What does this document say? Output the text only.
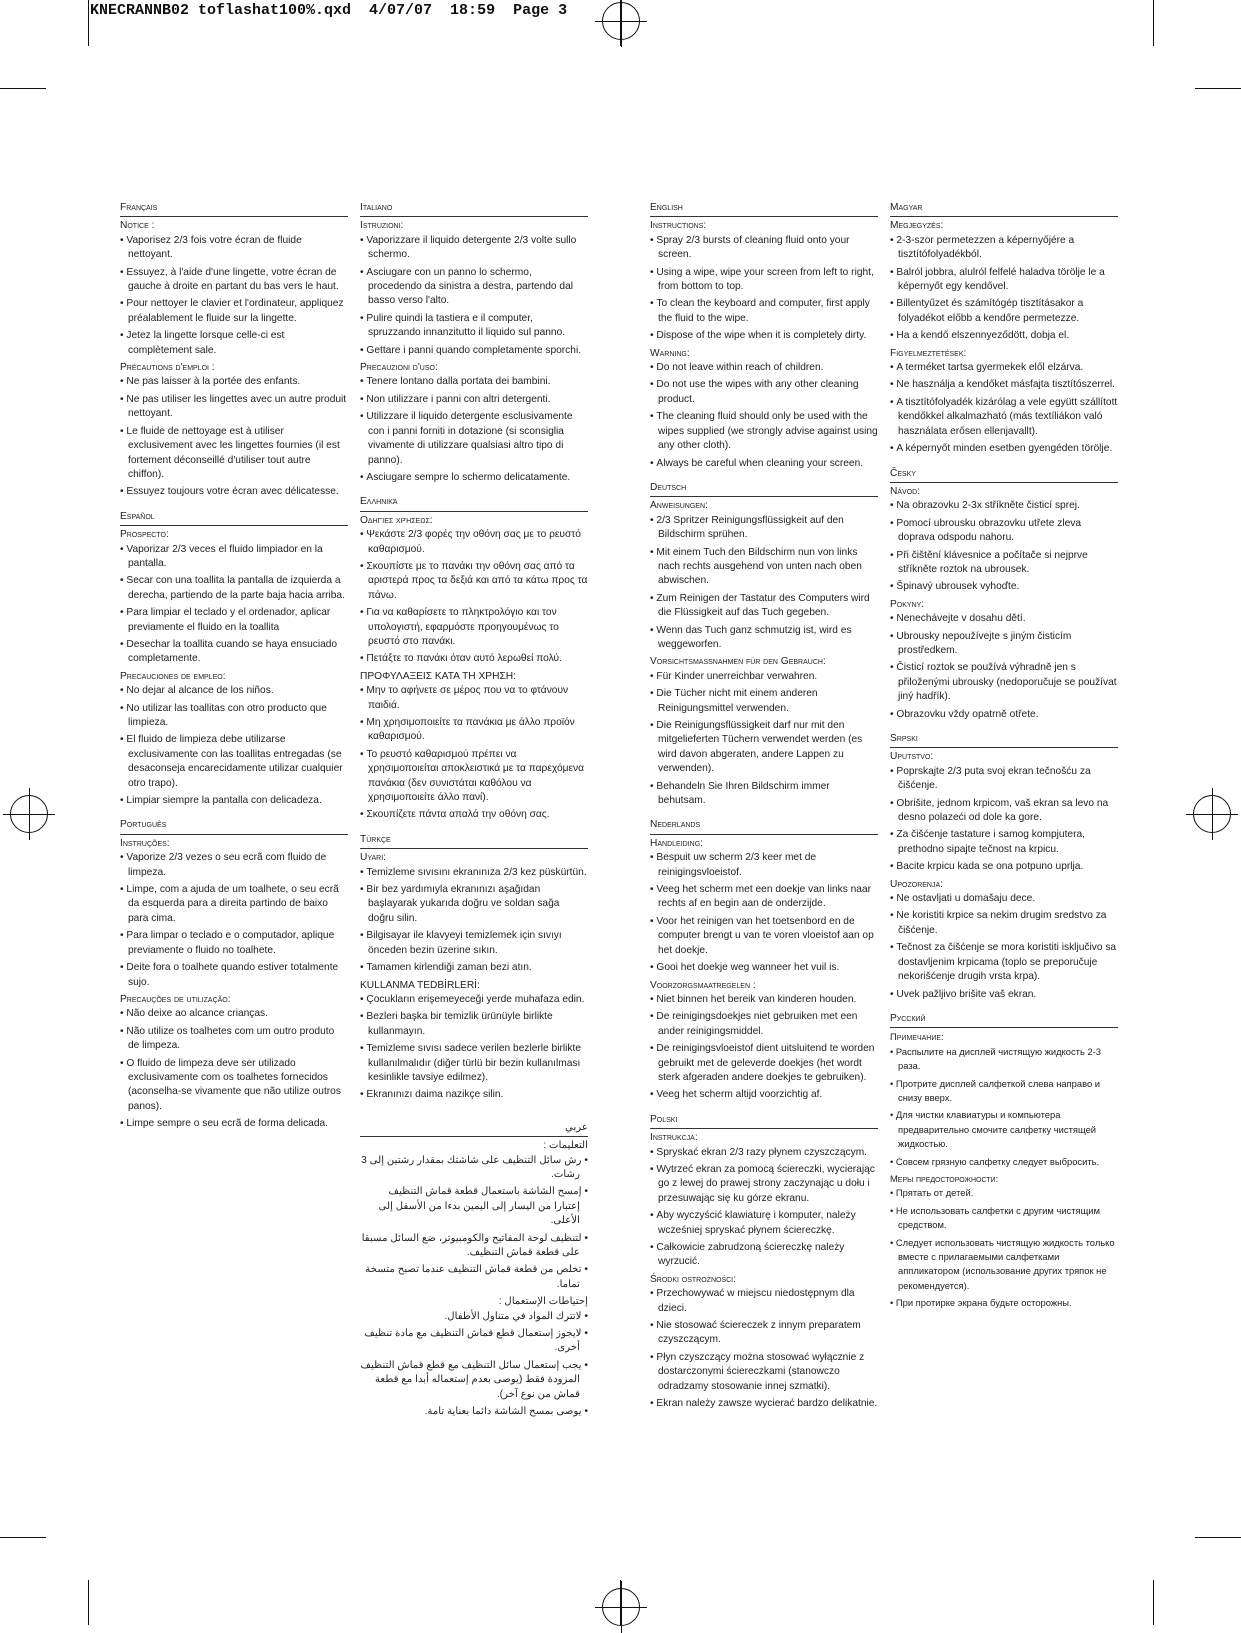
KNECRANNB02 toflashat100%.qxd  4/07/07  18:59  Page 3
Français
Notice :
• Vaporisez 2/3 fois votre écran de fluide nettoyant.
• Essuyez, à l'aide d'une lingette, votre écran de gauche à droite en partant du bas vers le haut.
• Pour nettoyer le clavier et l'ordinateur, appliquez préalablement le fluide sur la lingette.
• Jetez la lingette lorsque celle-ci est complètement sale.
Précautions d'emploi :
• Ne pas laisser à la portée des enfants.
• Ne pas utiliser les lingettes avec un autre produit nettoyant.
• Le fluide de nettoyage est à utiliser exclusivement avec les lingettes fournies (il est fortement déconseillé d'utiliser tout autre chiffon).
• Essuyez toujours votre écran avec délicatesse.
Español
Prospecto:
• Vaporizar 2/3 veces el fluido limpiador en la pantalla.
• Secar con una toallita la pantalla de izquierda a derecha, partiendo de la parte baja hacia arriba.
• Para limpiar el teclado y el ordenador, aplicar previamente el fluido en la toallita
• Desechar la toallita cuando se haya ensuciado completamente.
Precauciones de empleo:
• No dejar al alcance de los niños.
• No utilizar las toallitas con otro producto que limpieza.
• El fluido de limpieza debe utilizarse exclusivamente con las toallitas entregadas (se desaconseja encarecidamente utilizar cualquier otro trapo).
• Limpiar siempre la pantalla con delicadeza.
Português
Instruções:
• Vaporize 2/3 vezes o seu ecrã com fluido de limpeza.
• Limpe, com a ajuda de um toalhete, o seu ecrã da esquerda para a direita partindo de baixo para cima.
• Para limpar o teclado e o computador, aplique previamente o fluido no toalhete.
• Deite fora o toalhete quando estiver totalmente sujo.
Precauções de utilização:
• Não deixe ao alcance crianças.
• Não utilize os toalhetes com um outro produto de limpeza.
• O fluido de limpeza deve ser utilizado exclusivamente com os toalhetes fornecidos (aconselha-se vivamente que não utilize outros panos).
• Limpe sempre o seu ecrã de forma delicada.
Italiano
Istruzioni:
• Vaporizzare il liquido detergente 2/3 volte sullo schermo.
• Asciugare con un panno lo schermo, procedendo da sinistra a destra, partendo dal basso verso l'alto.
• Pulire quindi la tastiera e il computer, spruzzando innanzitutto il liquido sul panno.
• Gettare i panni quando completamente sporchi.
Precauzioni d'uso:
• Tenere lontano dalla portata dei bambini.
• Non utilizzare i panni con altri detergenti.
• Utilizzare il liquido detergente esclusivamente con i panni forniti in dotazione (si sconsiglia vivamente di utilizzare qualsiasi altro tipo di panno).
• Asciugare sempre lo schermo delicatamente.
Ελληνικά
Οδηγίες χρήσεως:
• Ψεκάστε 2/3 φορές την οθόνη σας με το ρευστό καθαρισμού.
• Σκουπίστε με το πανάκι την οθόνη σας από τα αριστερά προς τα δεξιά και από τα κάτω προς τα πάνω.
• Για να καθαρίσετε το πληκτρολόγιο και τον υπολογιστή, εφαρμόστε προηγουμένως το ρευστό στο πανάκι.
• Πετάξτε το πανάκι όταν αυτό λερωθεί πολύ.
ΠΡΟΦΥΛΑΞΕΙΣ ΚΑΤΑ ΤΗ ΧΡΗΣΗ:
• Μην το αφήνετε σε μέρος που να το φτάνουν παιδιά.
• Μη χρησιμοποιείτε τα πανάκια με άλλο προϊόν καθαρισμού.
• Το ρευστό καθαρισμού πρέπει να χρησιμοποιείται αποκλειστικά με τα παρεχόμενα πανάκια (δεν συνιστάται καθόλου να χρησιμοποιείτε άλλο πανί).
• Σκουπίζετε πάντα απαλά την οθόνη σας.
Türkçe
Uyari:
• Temizleme sıvısını ekranınıza 2/3 kez püskürtün.
• Bir bez yardımıyla ekranınızı aşağıdan başlayarak yukarıda doğru ve soldan sağa doğru silin.
• Bilgisayar ile klavyeyi temizlemek için sıvıyı önceden bezin üzerine sıkın.
• Tamamen kirlendiği zaman bezi atın.
KULLANMA TEDBİRLERİ:
• Çocukların erişemeyeceği yerde muhafaza edin.
• Bezleri başka bir temizlik ürünüyle birlikte kullanmayın.
• Temizleme sıvısı sadece verilen bezlerle birlikte kullanılmalıdır (diğer türlü bir bezin kullanılması kesinlikle tavsiye edilmez).
• Ekranınızı daima nazikçe silin.
عربي
التعليمات :
• رش سائل التنظيف على شاشتك بمقدار رشتين إلى 3 رشات.
• إمسح الشاشة باستعمال قطعة قماش التنظيف إعتبارا من اليسار إلى اليمين بدءا من الأسفل إلى الأعلى.
• لتنظيف لوحة المفاتيح والكومبيوتر، ضع السائل مسبقا على قطعة قماش التنظيف.
• تخلص من قطعة قماش التنظيف عندما تصبح متسخة تماما.
إحتياطات الإستعمال :
• لاتترك المواد في متناول الأطفال.
• لايجوز إستعمال قطع قماش التنظيف مع مادة تنظيف أخرى.
• يجب إستعمال سائل التنظيف مع قطع قماش التنظيف المزودة فقط (يوصى بعدم إستعماله أبدا مع قطعة قماش من نوع آخر).
• يوصى بمسح الشاشة دائما بعناية تامة.
English
Instructions:
• Spray 2/3 bursts of cleaning fluid onto your screen.
• Using a wipe, wipe your screen from left to right, from bottom to top.
• To clean the keyboard and computer, first apply the fluid to the wipe.
• Dispose of the wipe when it is completely dirty.
Warning:
• Do not leave within reach of children.
• Do not use the wipes with any other cleaning product.
• The cleaning fluid should only be used with the wipes supplied (we strongly advise against using any other cloth).
• Always be careful when cleaning your screen.
Deutsch
Anweisungen:
• 2/3 Spritzer Reinigungsflüssigkeit auf den Bildschirm sprühen.
• Mit einem Tuch den Bildschirm nun von links nach rechts ausgehend von unten nach oben abwischen.
• Zum Reinigen der Tastatur des Computers wird die Flüssigkeit auf das Tuch gegeben.
• Wenn das Tuch ganz schmutzig ist, wird es weggeworfen.
Vorsichtsmassnahmen für den Gebrauch:
• Für Kinder unerreichbar verwahren.
• Die Tücher nicht mit einem anderen Reinigungsmittel verwenden.
• Die Reinigungsflüssigkeit darf nur mit den mitgelieferten Tüchern verwendet werden (es wird davon abgeraten, andere Lappen zu verwenden).
• Behandeln Sie Ihren Bildschirm immer behutsam.
Nederlands
Handleiding:
• Bespuit uw scherm 2/3 keer met de reinigingsvloeistof.
• Veeg het scherm met een doekje van links naar rechts af en begin aan de onderzijde.
• Voor het reinigen van het toetsenbord en de computer brengt u van te voren vloeistof aan op het doekje.
• Gooi het doekje weg wanneer het vuil is.
Voorzorgsmaatregelen :
• Niet binnen het bereik van kinderen houden.
• De reinigingsdoekjes niet gebruiken met een ander reinigingsmiddel.
• De reinigingsvloeistof dient uitsluitend te worden gebruikt met de geleverde doekjes (het wordt sterk afgeraden andere doekjes te gebruiken).
• Veeg het scherm altijd voorzichtig af.
Polski
Instrukcja:
• Spryskać ekran 2/3 razy płynem czyszczącym.
• Wytrzeć ekran za pomocą ściereczki, wycierając go z lewej do prawej strony zaczynając u dołu i przesuwając się ku górze ekranu.
• Aby wyczyścić klawiaturę i komputer, należy wcześniej spryskać płynem ściereczkę.
• Całkowicie zabrudzoną ściereczkę należy wyrzucić.
Środki ostrożności:
• Przechowywać w miejscu niedostępnym dla dzieci.
• Nie stosować ściereczek z innym preparatem czyszczącym.
• Płyn czyszczący można stosować wyłącznie z dostarczonymi ściereczkami (stanowczo odradzamy stosowanie innej szmatki).
• Ekran należy zawsze wycierać bardzo delikatnie.
Magyar
Megjegyzés:
• 2-3-szor permetezzen a képernyőjére a tisztítófolyadékból.
• Balról jobbra, alulról felfelé haladva törölje le a képernyőt egy kendővel.
• Billentyűzet és számítógép tisztításakor a folyadékot előbb a kendőre permetezze.
• Ha a kendő elszennyeződött, dobja el.
Figyelmeztetések:
• A terméket tartsa gyermekek elől elzárva.
• Ne használja a kendőket másfajta tisztítószerrel.
• A tisztítófolyadék kizárólag a vele együtt szállított kendőkkel alkalmazható (más textíliákon való használata erősen ellenjavallt).
• A képernyőt minden esetben gyengéden törölje.
Česky
Návod:
• Na obrazovku 2-3x stříkněte čisticí sprej.
• Pomocí ubrousku obrazovku utřete zleva doprava odspodu nahoru.
• Při čištění klávesnice a počítače si nejprve stříkněte roztok na ubrousek.
• Špinavý ubrousek vyhoďte.
Pokyny:
• Nenechávejte v dosahu dětí.
• Ubrousky nepoužívejte s jiným čisticím prostředkem.
• Čisticí roztok se používá výhradně jen s přiloženými ubrousky (nedoporučuje se používat jiný hadřík).
• Obrazovku vždy opatrně otřete.
Srpski
Uputstvo:
• Poprskajte 2/3 puta svoj ekran tečnošću za čišćenje.
• Obrišite, jednom krpicom, vaš ekran sa levo na desno polazeći od dole ka gore.
• Za čišćenje tastature i samog kompjutera, prethodno sipajte tečnost na krpicu.
• Bacite krpicu kada se ona potpuno uprlja.
Upozorenja:
• Ne ostavljati u domašaju dece.
• Ne koristiti krpice sa nekim drugim sredstvo za čišćenje.
• Tečnost za čišćenje se mora koristiti isključivo sa dostavljenim krpicama (toplo se preporučuje nekorišćenje drugih vrsta krpa).
• Uvek pažljivo brišite vaš ekran.
Русский
Примечание:
• Распылите на дисплей чистящую жидкость 2-3 раза.
• Протрите дисплей салфеткой слева направо и снизу вверх.
• Для чистки клавиатуры и компьютера предварительно смочите салфетку чистящей жидкостью.
• Совсем грязную салфетку следует выбросить.
Меры предосторожности:
• Прятать от детей.
• Не использовать салфетки с другим чистящим средством.
• Следует использовать чистящую жидкость только вместе с прилагаемыми салфетками аппликатором (использование других тряпок не рекомендуется).
• При протирке экрана будьте осторожны.
